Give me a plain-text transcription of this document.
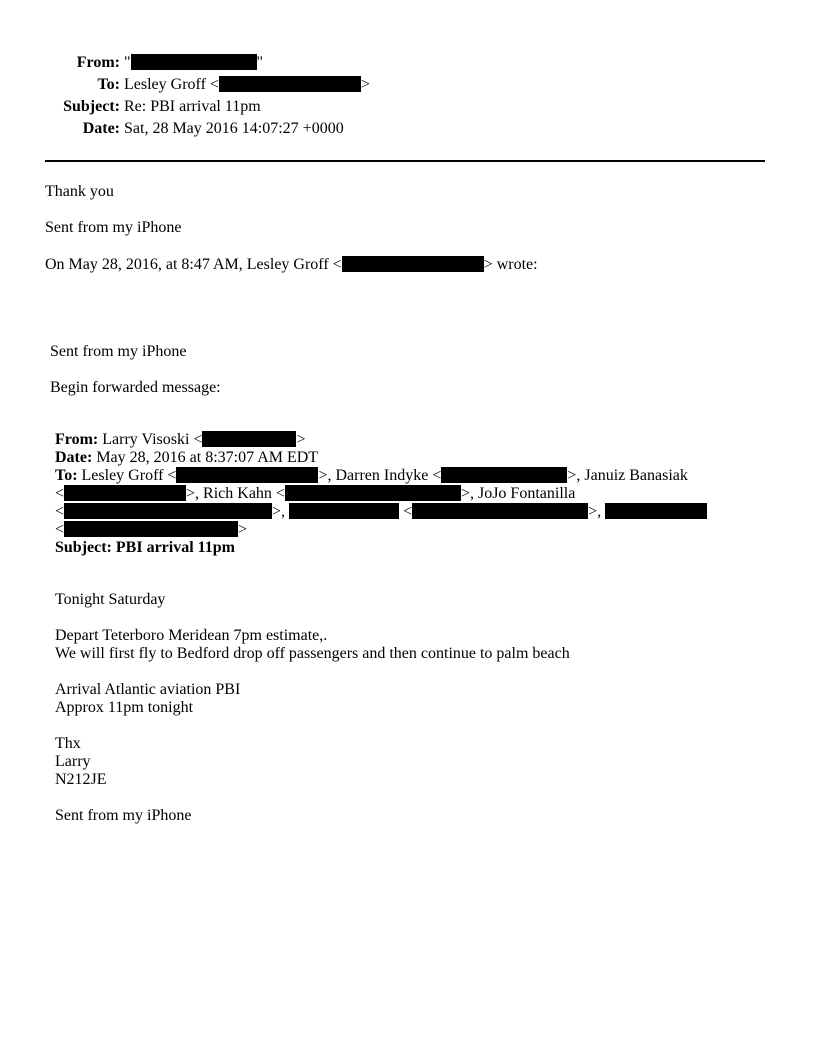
From: "	"
To: Lesley Groff <	>
Subject: Re: PBI arrival 11pm
Date: Sat, 28 May 2016 14:07:27 +0000
Thank you
Sent from my iPhone
On May 28, 2016, at 8:47 AM, Lesley Groff <	> wrote:
Sent from my iPhone
Begin forwarded message:
From: Larry Visoski <	>
Date: May 28, 2016 at 8:37:07 AM EDT
To: Lesley Groff <	>, Darren Indyke <	>, Januiz Banasiak
<	>, Rich Kahn <	>, JoJo Fontanilla
<	>,	<	>,
<	>
Subject: PBI arrival 11pm
Tonight Saturday
Depart Teterboro Meridean 7pm estimate,.
We will first fly to Bedford drop off passengers and then continue to palm beach
Arrival Atlantic aviation PBI
Approx 11pm tonight
Thx
Larry
N212JE
Sent from my iPhone
